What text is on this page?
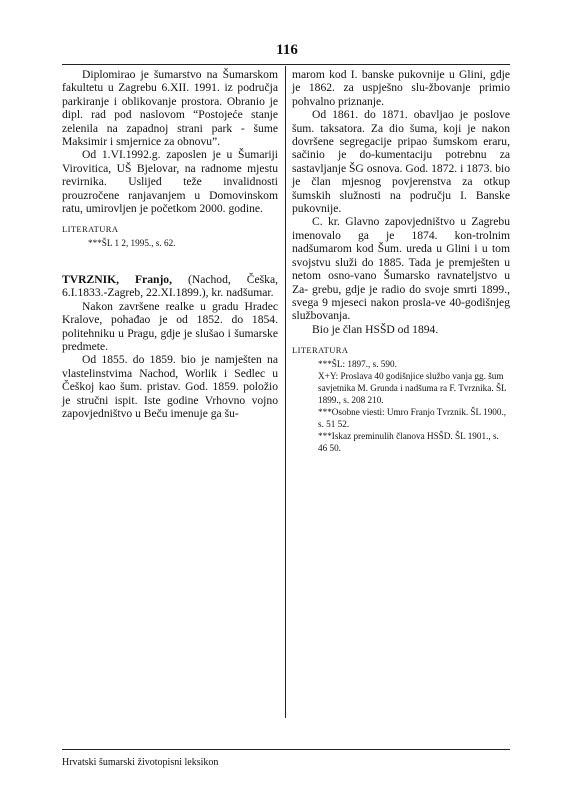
116

Diplomirao je šumarstvo na Šumarskom fakultetu u Zagrebu 6.XII. 1991. iz područja parkiranje i oblikovanje prostora. Obranio je dipl. rad pod naslovom “Postojeće stanje zelenila na zapadnoj strani park - šume Maksimir i smjernice za obnovu”.

Od 1.VI.1992.g. zaposlen je u Šumariji Virovitica, UŠ Bjelovar, na radnome mjestu revirnika. Uslijed teže invalidnosti prouzročene ranjavanjem u Domovinskom ratu, umirovljen je početkom 2000. godine.

LITERATURA

***ŠL 1 2, 1995., s. 62.

TVRZNIK, Franjo, (Nachod, Češka, 6.I.1833.-Zagreb, 22.XI.1899.), kr. nadšumar.

Nakon završene realke u gradu Hradec Kralove, pohađao je od 1852. do 1854. politehniku u Pragu, gdje je slušao i šumarske predmete.

Od 1855. do 1859. bio je namješten na vlastelinstvima Nachod, Worlik i Sedlec u Češkoj kao šum. pristav. God. 1859. položio je stručni ispit. Iste godine Vrhovno vojno zapovjedništvo u Beču imenuje ga šu-

marom kod I. banske pukovnije u Glini, gdje je 1862. za uspješno slu-žbovanje primio pohvalno priznanje.

Od 1861. do 1871. obavljao je poslove šum. taksatora. Za dio šuma, koji je nakon dovršene segregacije pripao šumskom eraru, sačinio je do-kumentaciju potrebnu za sastavljanje ŠG osnova. God. 1872. i 1873. bio je član mjesnog povjerenstva za otkup šumskih služnosti na području I. Banske pukovnije.

C. kr. Glavno zapovjedništvo u Zagrebu imenovalo ga je 1874. kon-trolnim nadšumarom kod Šum. ureda u Glini i u tom svojstvu služi do 1885. Tada je premješten u netom osno-vano Šumarsko ravnateljstvo u Za- grebu, gdje je radio do svoje smrti 1899., svega 9 mjeseci nakon prosla-ve 40-godišnjeg službovanja.

Bio je član HSŠD od 1894.

LITERATURA

***ŠL: 1897., s. 590.

X+Y: Proslava 40 godišnjice službo vanja gg. šum savjetnika M. Grunda i nadšuma ra F. Tvrznika. ŠL 1899., s. 208 210.

***Osobne viesti: Umro Franjo Tvrznik. ŠL 1900., s. 51 52.

***Iskaz preminulih članova HSŠD. ŠL 1901., s. 46 50.

Hrvatski šumarski životopisni leksikon
